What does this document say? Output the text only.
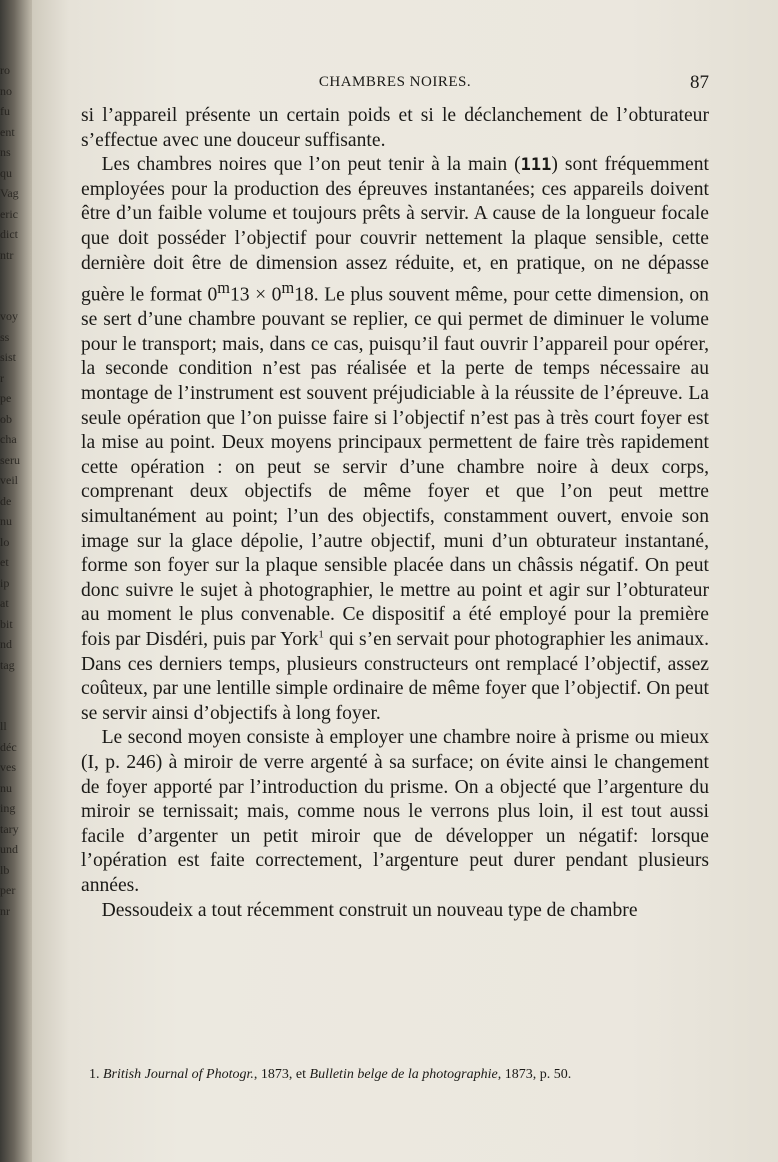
ro
no
fu
ent
ns
qu
Vag
eric
dict
ntr

voy
ss
sist
r
pe
ob
cha
seru
veil
de
nu
lo
et
ip
at
bit
nd
tag

ll
déc
ves
nu
ing
tary
und
lb
per
nr

CHAMBRES NOIRES.	87

si l’appareil présente un certain poids et si le déclanchement de l’obturateur s’effectue avec une douceur suffisante.

Les chambres noires que l’on peut tenir à la main (111) sont fréquemment employées pour la production des épreuves instantanées; ces appareils doivent être d’un faible volume et toujours prêts à servir. A cause de la longueur focale que doit posséder l’objectif pour couvrir nettement la plaque sensible, cette dernière doit être de dimension assez réduite, et, en pratique, on ne dépasse guère le format $0^m13 \times 0^m18$. Le plus souvent même, pour cette dimension, on se sert d’une chambre pouvant se replier, ce qui permet de diminuer le volume pour le transport; mais, dans ce cas, puisqu’il faut ouvrir l’appareil pour opérer, la seconde condition n’est pas réalisée et la perte de temps nécessaire au montage de l’instrument est souvent préjudiciable à la réussite de l’épreuve. La seule opération que l’on puisse faire si l’objectif n’est pas à très court foyer est la mise au point. Deux moyens principaux permettent de faire très rapidement cette opération : on peut se servir d’une chambre noire à deux corps, comprenant deux objectifs de même foyer et que l’on peut mettre simultanément au point; l’un des objectifs, constamment ouvert, envoie son image sur la glace dépolie, l’autre objectif, muni d’un obturateur instantané, forme son foyer sur la plaque sensible placée dans un châssis négatif. On peut donc suivre le sujet à photographier, le mettre au point et agir sur l’obturateur au moment le plus convenable. Ce dispositif a été employé pour la première fois par Disdéri, puis par York$^1$ qui s’en servait pour photographier les animaux. Dans ces derniers temps, plusieurs constructeurs ont remplacé l’objectif, assez coûteux, par une lentille simple ordinaire de même foyer que l’objectif. On peut se servir ainsi d’objectifs à long foyer.

Le second moyen consiste à employer une chambre noire à prisme ou mieux (I, p. 246) à miroir de verre argenté à sa surface; on évite ainsi le changement de foyer apporté par l’introduction du prisme. On a objecté que l’argenture du miroir se ternissait; mais, comme nous le verrons plus loin, il est tout aussi facile d’argenter un petit miroir que de développer un négatif: lorsque l’opération est faite correctement, l’argenture peut durer pendant plusieurs années.

Dessoudeix a tout récemment construit un nouveau type de chambre

1. British Journal of Photogr., 1873, et Bulletin belge de la photographie, 1873, p. 50.
